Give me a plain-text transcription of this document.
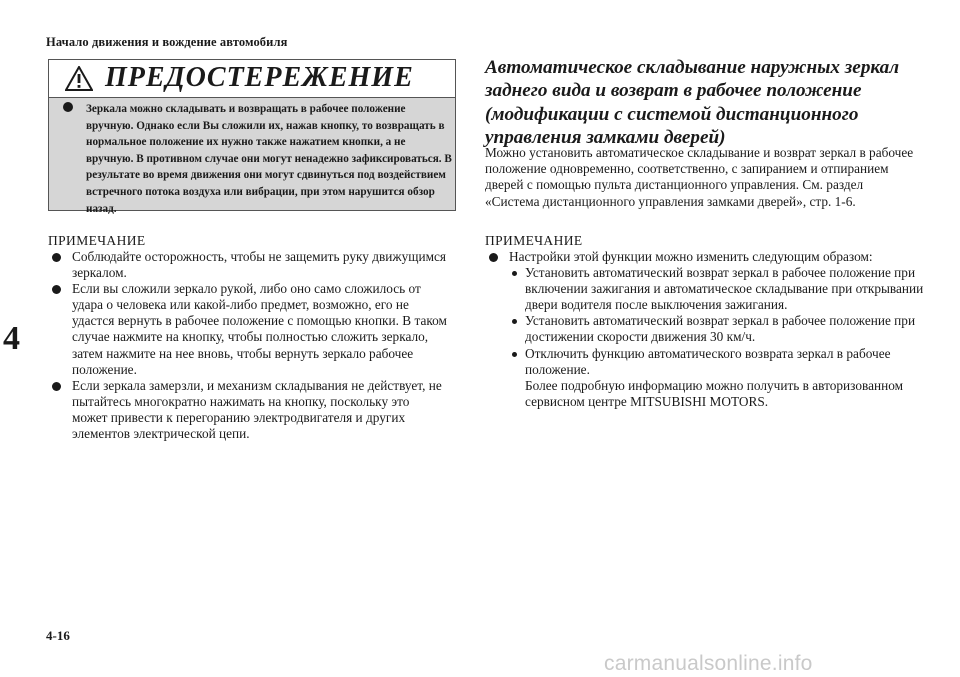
Начало движения и вождение автомобиля
4
ПРЕДОСТЕРЕЖЕНИЕ
Зеркала можно складывать и возвращать в рабочее положение вручную. Однако если Вы сложили их, нажав кнопку, то возвращать в нормальное положение их нужно также нажатием кнопки, а не вручную. В противном случае они могут ненадежно зафиксироваться. В результате во время движения они могут сдвинуться под воздействием встречного потока воздуха или вибрации, при этом нарушится обзор назад.
ПРИМЕЧАНИЕ

Соблюдайте осторожность, чтобы не защемить руку движущимся зеркалом.

Если вы сложили зеркало рукой, либо оно само сложилось от удара о человека или какой-либо предмет, возможно, его не удастся вернуть в рабочее положение с помощью кнопки. В таком случае нажмите на кнопку, чтобы полностью сложить зеркало, затем нажмите на нее вновь, чтобы вернуть зеркало рабочее положение.

Если зеркала замерзли, и механизм складывания не действует, не пытайтесь многократно нажимать на кнопку, поскольку это может привести к перегоранию электродвигателя и других элементов электрической цепи.

Автоматическое складывание наружных зеркал заднего вида и возврат в рабочее положение (модификации с системой дистанционного управления замками дверей)
Можно установить автоматическое складывание и возврат зеркал в рабочее положение одновременно, соответственно, с запиранием и отпиранием дверей с помощью пульта дистанционного управления. См. раздел «Система дистанционного управления замками дверей», стр. 1-6.
ПРИМЕЧАНИЕ
Настройки этой функции можно изменить следующим образом:

Установить автоматический возврат зеркал в рабочее положение при включении зажигания и автоматическое складывание при открывании двери водителя после выключения зажигания.

Установить автоматический возврат зеркал в рабочее положение при достижении скорости движения 30 км/ч.

Отключить функцию автоматического возврата зеркал в рабочее положение.
Более подробную информацию можно получить в авторизованном сервисном центре MITSUBISHI MOTORS.

4-16
carmanualsonline.info
